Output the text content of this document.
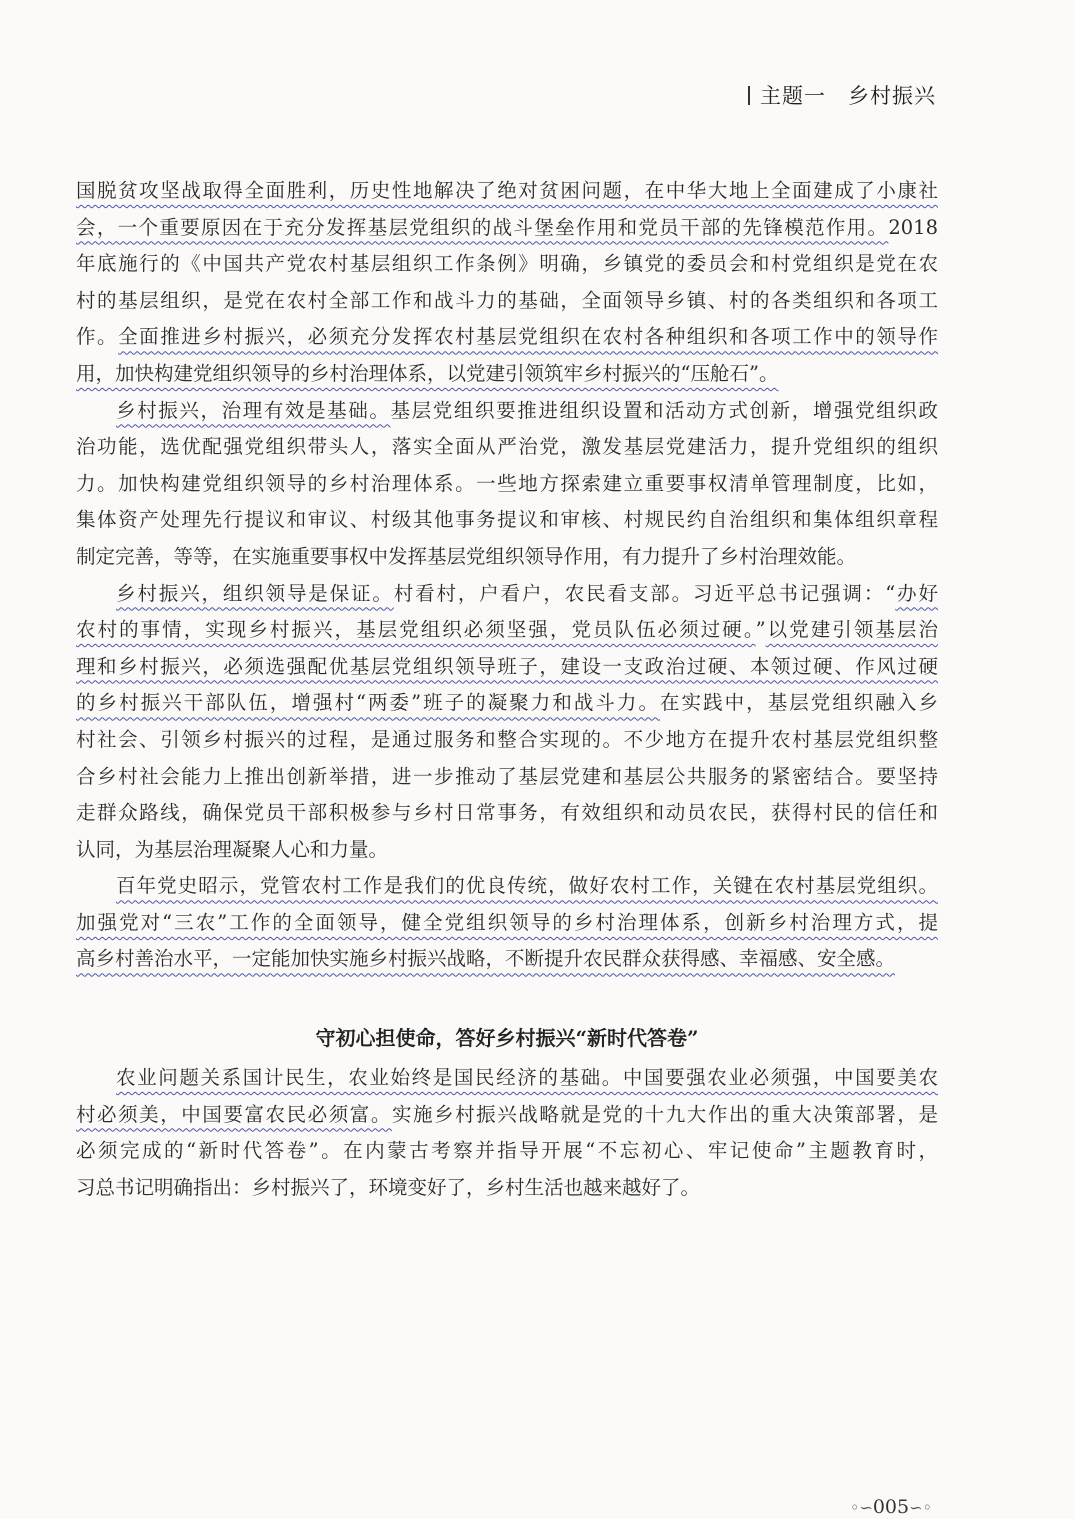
主题一 乡村振兴
国脱贫攻坚战取得全面胜利，历史性地解决了绝对贫困问题，在中华大地上全面建成了小康社
会，一个重要原因在于充分发挥基层党组织的战斗堡垒作用和党员干部的先锋模范作用。2018
年底施行的《中国共产党农村基层组织工作条例》明确，乡镇党的委员会和村党组织是党在农
村的基层组织，是党在农村全部工作和战斗力的基础，全面领导乡镇、村的各类组织和各项工
作。全面推进乡村振兴，必须充分发挥农村基层党组织在农村各种组织和各项工作中的领导作
用，加快构建党组织领导的乡村治理体系，以党建引领筑牢乡村振兴的“压舱石”。
乡村振兴，治理有效是基础。基层党组织要推进组织设置和活动方式创新，增强党组织政
治功能，选优配强党组织带头人，落实全面从严治党，激发基层党建活力，提升党组织的组织
力。加快构建党组织领导的乡村治理体系。一些地方探索建立重要事权清单管理制度，比如，
集体资产处理先行提议和审议、村级其他事务提议和审核、村规民约自治组织和集体组织章程
制定完善，等等，在实施重要事权中发挥基层党组织领导作用，有力提升了乡村治理效能。
乡村振兴，组织领导是保证。村看村，户看户，农民看支部。习近平总书记强调：“办好
农村的事情，实现乡村振兴，基层党组织必须坚强，党员队伍必须过硬。”以党建引领基层治
理和乡村振兴，必须选强配优基层党组织领导班子，建设一支政治过硬、本领过硬、作风过硬
的乡村振兴干部队伍，增强村“两委”班子的凝聚力和战斗力。在实践中，基层党组织融入乡
村社会、引领乡村振兴的过程，是通过服务和整合实现的。不少地方在提升农村基层党组织整
合乡村社会能力上推出创新举措，进一步推动了基层党建和基层公共服务的紧密结合。要坚持
走群众路线，确保党员干部积极参与乡村日常事务，有效组织和动员农民，获得村民的信任和
认同，为基层治理凝聚人心和力量。
百年党史昭示，党管农村工作是我们的优良传统，做好农村工作，关键在农村基层党组织。
加强党对“三农”工作的全面领导，健全党组织领导的乡村治理体系，创新乡村治理方式，提
高乡村善治水平，一定能加快实施乡村振兴战略，不断提升农民群众获得感、幸福感、安全感。
守初心担使命，答好乡村振兴“新时代答卷”
农业问题关系国计民生，农业始终是国民经济的基础。中国要强农业必须强，中国要美农
村必须美，中国要富农民必须富。实施乡村振兴战略就是党的十九大作出的重大决策部署，是
必须完成的“新时代答卷”。在内蒙古考察并指导开展“不忘初心、牢记使命”主题教育时，
习总书记明确指出：乡村振兴了，环境变好了，乡村生活也越来越好了。
◦∽005∽◦
